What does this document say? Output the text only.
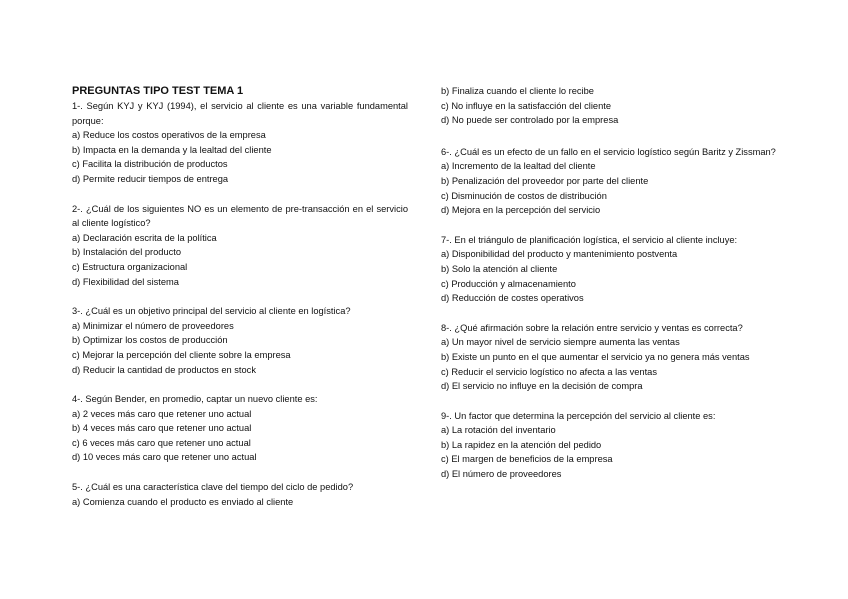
PREGUNTAS TIPO TEST TEMA 1

1-. Según KYJ y KYJ (1994), el servicio al cliente es una variable fundamental porque:

a) Reduce los costos operativos de la empresa

b) Impacta en la demanda y la lealtad del cliente

c) Facilita la distribución de productos

d) Permite reducir tiempos de entrega

2-. ¿Cuál de los siguientes NO es un elemento de pre-transacción en el servicio al cliente logístico?

a) Declaración escrita de la política

b) Instalación del producto

c) Estructura organizacional

d) Flexibilidad del sistema

3-. ¿Cuál es un objetivo principal del servicio al cliente en logística?

a) Minimizar el número de proveedores

b) Optimizar los costos de producción

c) Mejorar la percepción del cliente sobre la empresa

d) Reducir la cantidad de productos en stock

4-. Según Bender, en promedio, captar un nuevo cliente es:

a) 2 veces más caro que retener uno actual

b) 4 veces más caro que retener uno actual

c) 6 veces más caro que retener uno actual

d) 10 veces más caro que retener uno actual

5-. ¿Cuál es una característica clave del tiempo del ciclo de pedido?

a) Comienza cuando el producto es enviado al cliente

b) Finaliza cuando el cliente lo recibe

c) No influye en la satisfacción del cliente

d) No puede ser controlado por la empresa

6-. ¿Cuál es un efecto de un fallo en el servicio logístico según Baritz y Zissman?

a) Incremento de la lealtad del cliente

b) Penalización del proveedor por parte del cliente

c) Disminución de costos de distribución

d) Mejora en la percepción del servicio

7-. En el triángulo de planificación logística, el servicio al cliente incluye:

a) Disponibilidad del producto y mantenimiento postventa

b) Solo la atención al cliente

c) Producción y almacenamiento

d) Reducción de costes operativos

8-. ¿Qué afirmación sobre la relación entre servicio y ventas es correcta?

a) Un mayor nivel de servicio siempre aumenta las ventas

b) Existe un punto en el que aumentar el servicio ya no genera más ventas

c) Reducir el servicio logístico no afecta a las ventas

d) El servicio no influye en la decisión de compra

9-. Un factor que determina la percepción del servicio al cliente es:

a) La rotación del inventario

b) La rapidez en la atención del pedido

c) El margen de beneficios de la empresa

d) El número de proveedores
